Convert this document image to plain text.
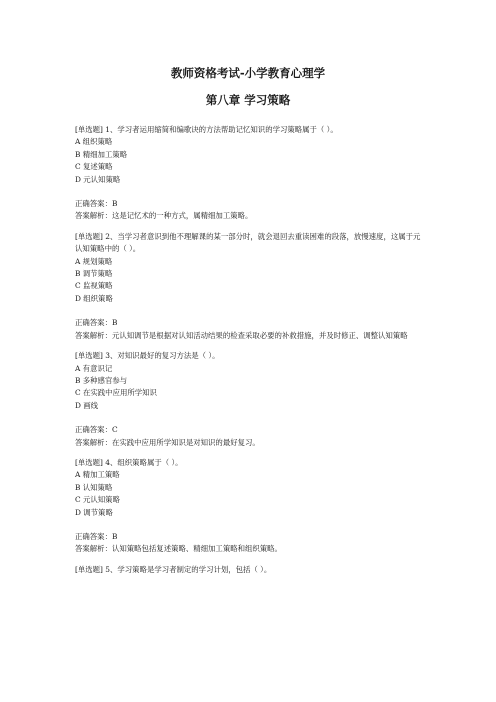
教师资格考试-小学教育心理学
第八章 学习策略
[单选题] 1、学习者运用缩简和编歌诀的方法帮助记忆知识的学习策略属于（ ）。
A 组织策略
B 精细加工策略
C 复述策略
D 元认知策略
正确答案：B
答案解析：这是记忆术的一种方式，属精细加工策略。
[单选题] 2、当学习者意识到他不理解课的某一部分时，就会退回去重读困难的段落，放慢速度，这属于元认知策略中的（ ）。
A 规划策略
B 调节策略
C 监视策略
D 组织策略
正确答案：B
答案解析：元认知调节是根据对认知活动结果的检查采取必要的补救措施，并及时修正、调整认知策略
[单选题] 3、对知识最好的复习方法是（ ）。
A 有意识记
B 多种感官参与
C 在实践中应用所学知识
D 画线
正确答案：C
答案解析：在实践中应用所学知识是对知识的最好复习。
[单选题] 4、组织策略属于（ ）。
A 精加工策略
B 认知策略
C 元认知策略
D 调节策略
正确答案：B
答案解析：认知策略包括复述策略、精细加工策略和组织策略。
[单选题] 5、学习策略是学习者制定的学习计划，包括（ ）。
